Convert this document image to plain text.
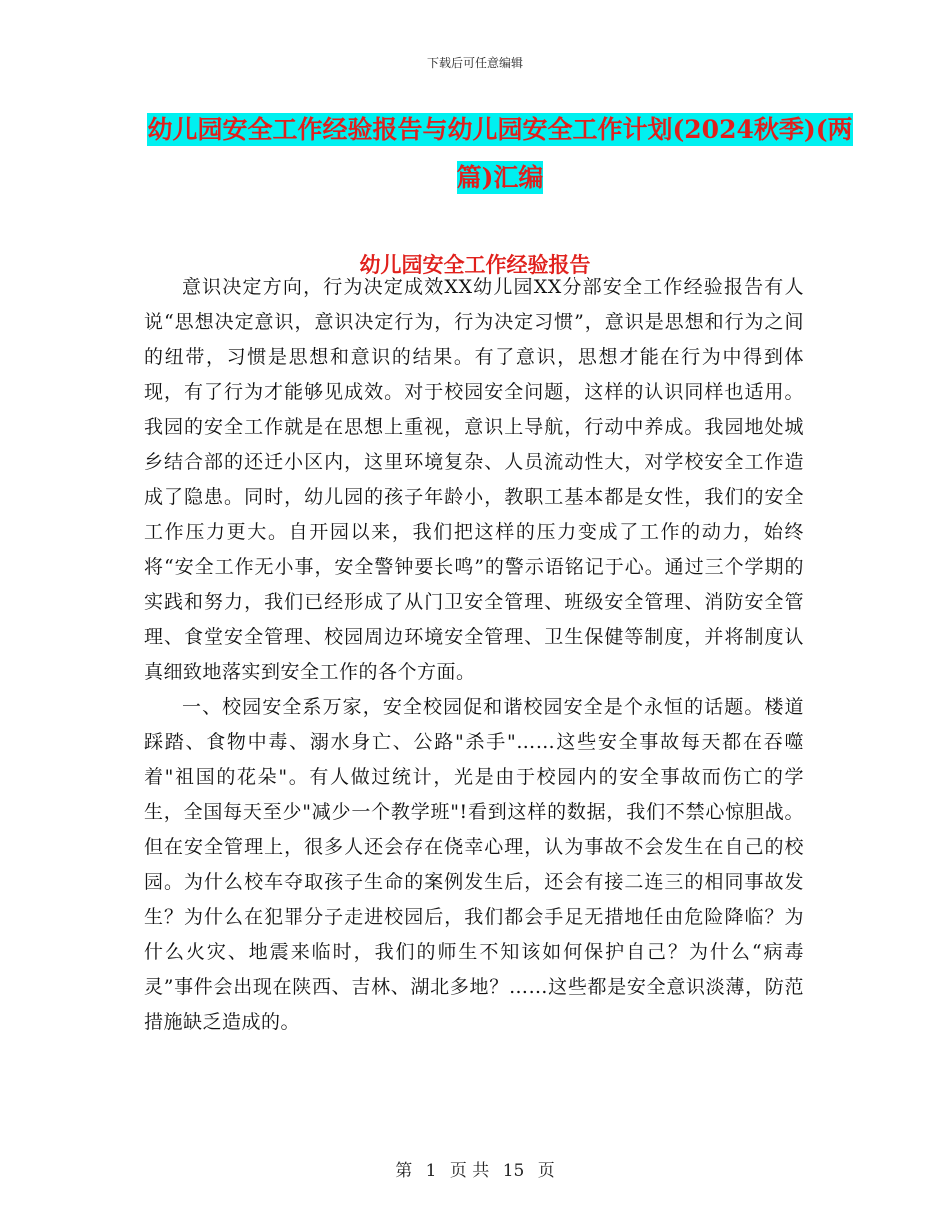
下载后可任意编辑
幼儿园安全工作经验报告与幼儿园安全工作计划(2024秋季)(两篇)汇编
幼儿园安全工作经验报告

意识决定方向，行为决定成效XX幼儿园XX分部安全工作经验报告有人说“思想决定意识，意识决定行为，行为决定习惯”，意识是思想和行为之间的纽带，习惯是思想和意识的结果。有了意识，思想才能在行为中得到体现，有了行为才能够见成效。对于校园安全问题，这样的认识同样也适用。我园的安全工作就是在思想上重视，意识上导航，行动中养成。我园地处城乡结合部的还迁小区内，这里环境复杂、人员流动性大，对学校安全工作造成了隐患。同时，幼儿园的孩子年龄小，教职工基本都是女性，我们的安全工作压力更大。自开园以来，我们把这样的压力变成了工作的动力，始终将“安全工作无小事，安全警钟要长鸣”的警示语铭记于心。通过三个学期的实践和努力，我们已经形成了从门卫安全管理、班级安全管理、消防安全管理、食堂安全管理、校园周边环境安全管理、卫生保健等制度，并将制度认真细致地落实到安全工作的各个方面。

一、校园安全系万家，安全校园促和谐校园安全是个永恒的话题。楼道踩踏、食物中毒、溺水身亡、公路"杀手"……这些安全事故每天都在吞噬着"祖国的花朵"。有人做过统计，光是由于校园内的安全事故而伤亡的学生，全国每天至少"减少一个教学班"!看到这样的数据，我们不禁心惊胆战。但在安全管理上，很多人还会存在侥幸心理，认为事故不会发生在自己的校园。为什么校车夺取孩子生命的案例发生后，还会有接二连三的相同事故发生？为什么在犯罪分子走进校园后，我们都会手足无措地任由危险降临？为什么火灾、地震来临时，我们的师生不知该如何保护自己？为什么“病毒灵”事件会出现在陕西、吉林、湖北多地？……这些都是安全意识淡薄，防范措施缺乏造成的。

第 1 页 共 15 页
